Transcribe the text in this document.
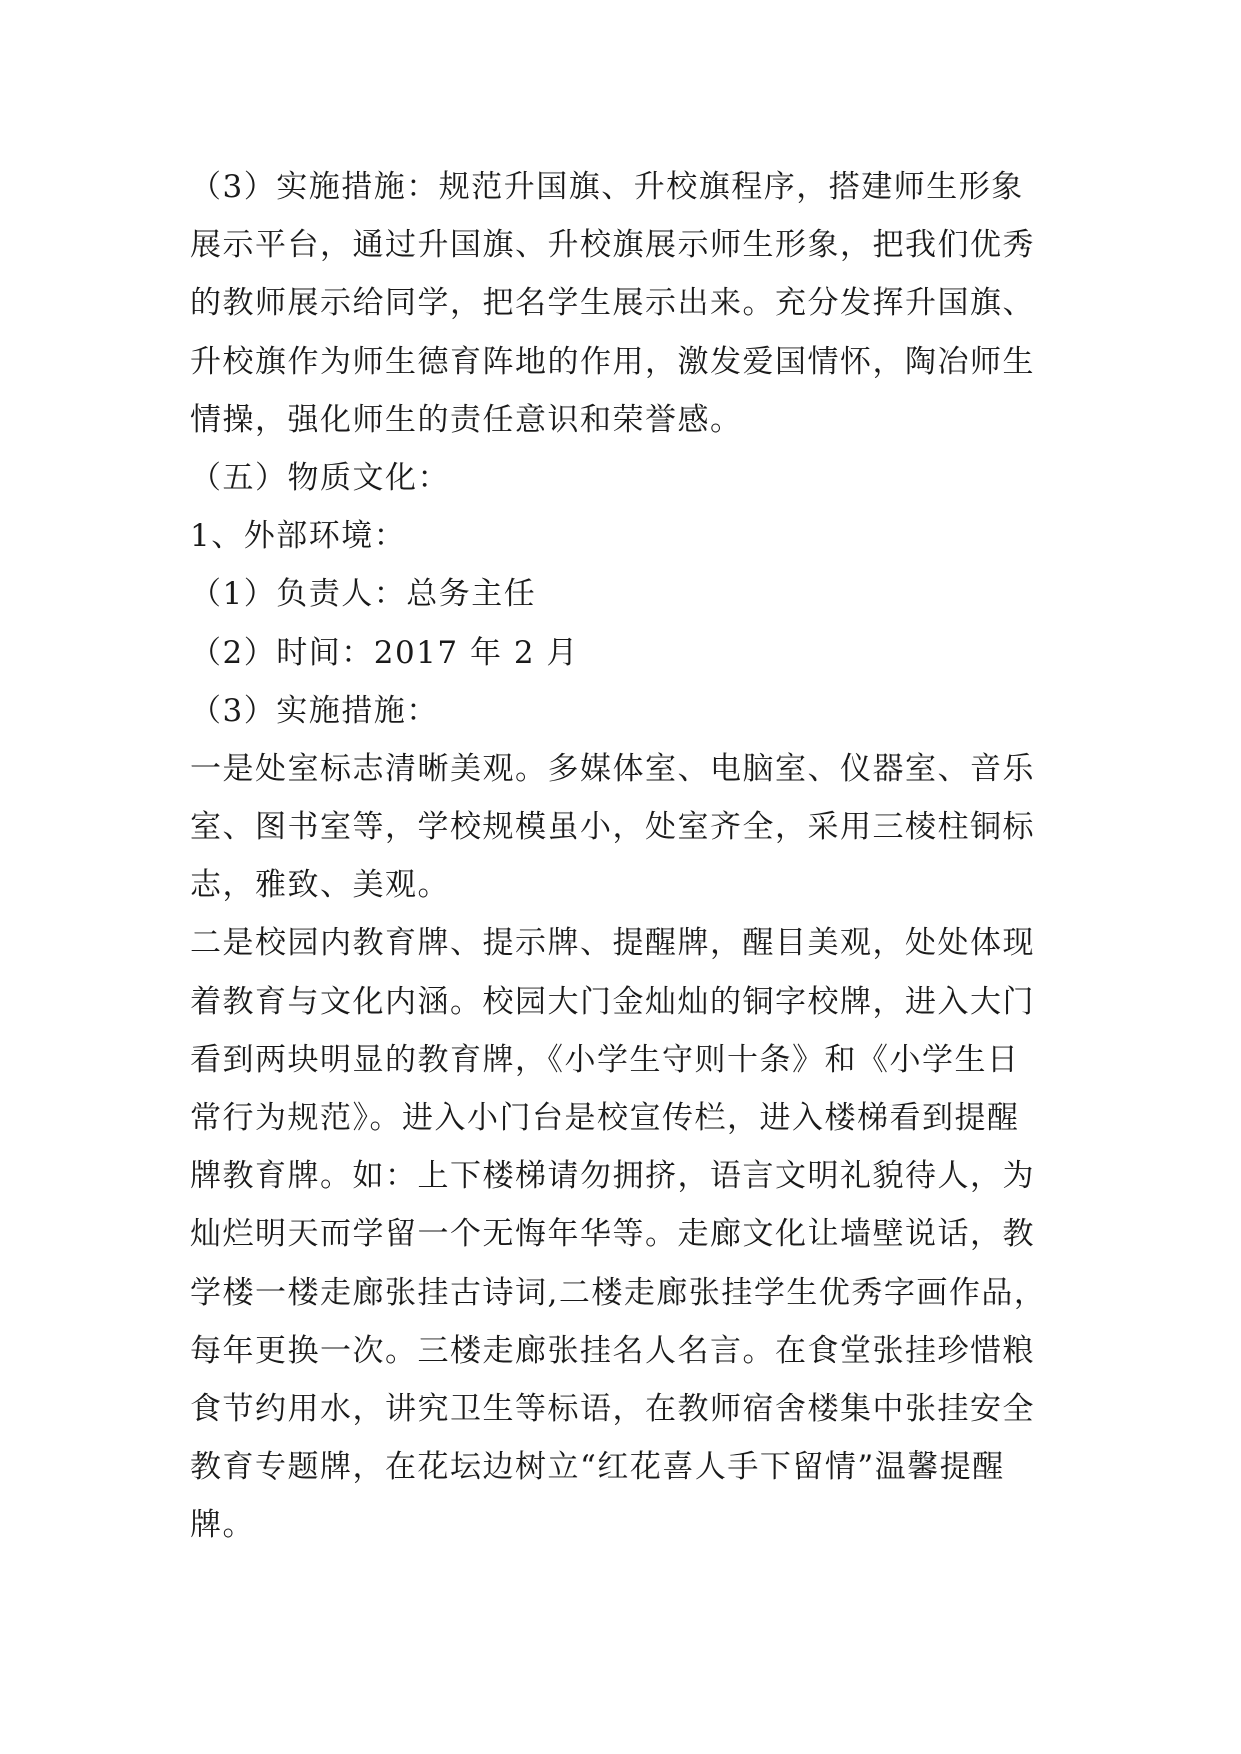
（3）实施措施：规范升国旗、升校旗程序，搭建师生形象
展示平台，通过升国旗、升校旗展示师生形象，把我们优秀
的教师展示给同学，把名学生展示出来。充分发挥升国旗、
升校旗作为师生德育阵地的作用，激发爱国情怀，陶冶师生
情操，强化师生的责任意识和荣誉感。
（五）物质文化：
1、外部环境：
（1）负责人：总务主任
（2）时间：2017 年 2 月
（3）实施措施：
一是处室标志清晰美观。多媒体室、电脑室、仪器室、音乐
室、图书室等，学校规模虽小，处室齐全，采用三棱柱铜标
志，雅致、美观。
二是校园内教育牌、提示牌、提醒牌，醒目美观，处处体现
着教育与文化内涵。校园大门金灿灿的铜字校牌，进入大门
看到两块明显的教育牌，《小学生守则十条》和《小学生日
常行为规范》。进入小门台是校宣传栏，进入楼梯看到提醒
牌教育牌。如：上下楼梯请勿拥挤，语言文明礼貌待人，为
灿烂明天而学留一个无悔年华等。走廊文化让墙壁说话，教
学楼一楼走廊张挂古诗词,二楼走廊张挂学生优秀字画作品，
每年更换一次。三楼走廊张挂名人名言。在食堂张挂珍惜粮
食节约用水，讲究卫生等标语，在教师宿舍楼集中张挂安全
教育专题牌，在花坛边树立“红花喜人手下留情”温馨提醒
牌。
